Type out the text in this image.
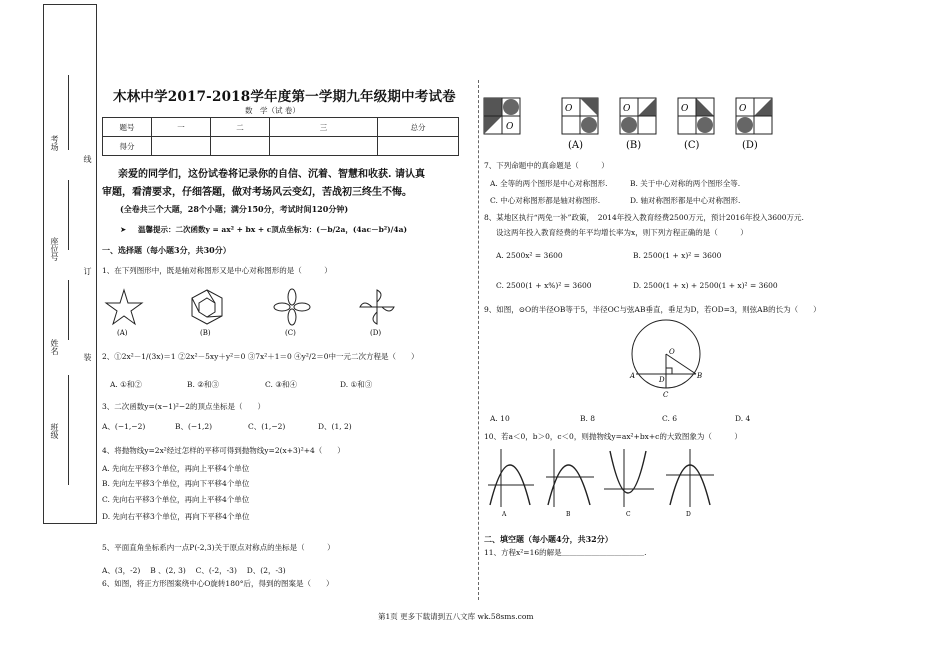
考场
座位号
姓名
班级
线
订
装
木林中学2017-2018学年度第一学期九年级期中考试卷
数　学（试 卷）
题号	一	二	三	总分
得分				
亲爱的同学们，这份试卷将记录你的自信、沉着、智慧和收获. 请认真
审题，看清要求，仔细答题，做对考场风云变幻，苦战初三终生不悔。
(全卷共三个大题，28个小题；满分150分，考试时间120分钟)
➤ 温馨提示：二次函数y = ax² + bx + c顶点坐标为：(－b/2a，(4ac－b²)/4a)
一、选择题（每小题3分，共30分）
1、在下列图形中，既是轴对称图形又是中心对称图形的是（　　　）
(A)	(B)	(C)	(D)
2、①2x²－1/(3x)＝1 ②2x²－5xy＋y²＝0 ③7x²＋1＝0 ④y²/2＝0中一元二次方程是（　　）
A. ①和②	B. ②和③	C. ③和④	D. ①和③
3、二次函数y=(x−1)²−2的顶点坐标是（　　）
A、(−1,−2)	B、(−1,2)	C、(1,−2)	D、(1, 2)
4、将抛物线y=2x²经过怎样的平移可得到抛物线y=2(x+3)²+4（　　）
A. 先向左平移3个单位，再向上平移4个单位
B. 先向左平移3个单位，再向下平移4个单位
C. 先向右平移3个单位，再向上平移4个单位
D. 先向右平移3个单位，再向下平移4个单位
5、平面直角坐标系内一点P(-2,3)关于原点对称点的坐标是（　　　）
A、(3，-2)　 B 、(2, 3)　 C、(-2，-3)　 D、(2，-3)
6、如图，将正方形图案绕中心O旋转180°后，得到的图案是（　　）
O
O	O	O	O
(A)	(B)	(C)	(D)
7、下列命题中的真命题是（　　　）
A. 全等的两个图形是中心对称图形.	B. 关于中心对称的两个图形全等.
C. 中心对称图形都是轴对称图形.	D. 轴对称图形都是中心对称图形.
8、某地区执行“两免一补”政策，　2014年投入教育经费2500万元，预计2016年投入3600万元.
设这两年投入教育经费的年平均增长率为x，则下列方程正确的是（　　　）
A. 2500x² = 3600	B. 2500(1 + x)² = 3600
C. 2500(1 + x%)² = 3600	D. 2500(1 + x) + 2500(1 + x)² = 3600
9、如图，⊙O的半径OB等于5，半径OC与弦AB垂直，垂足为D，若OD=3，则弦AB的长为（　　）
O
A	D	B
C
A. 10	B. 8	C. 6	D. 4
10、若a＜0，b＞0，c＜0，则抛物线y=ax²+bx+c的大致图象为（　　　）
A	B	C	D
二、填空题（每小题4分，共32分）
11、方程x²=16的解是＿＿＿＿＿＿＿＿＿＿＿.
第1页 更多下载请到五八文库 wk.58sms.com
